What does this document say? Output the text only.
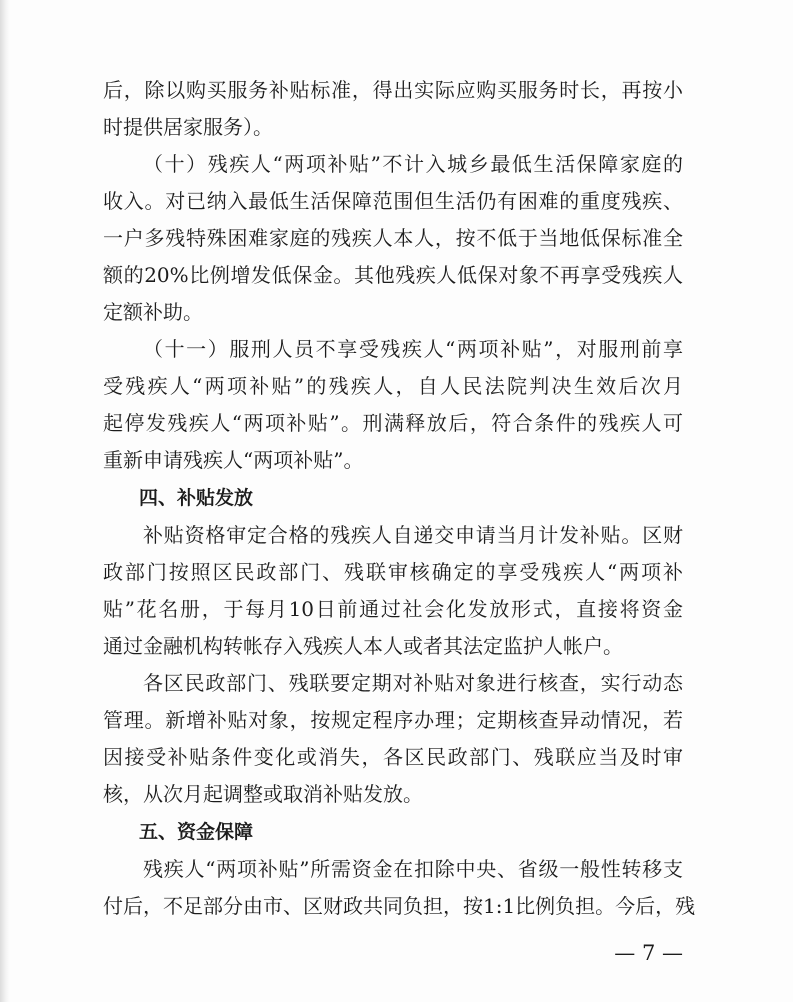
后，除以购买服务补贴标准，得出实际应购买服务时长，再按小
时提供居家服务）。
（十）残疾人“两项补贴”不计入城乡最低生活保障家庭的
收入。对已纳入最低生活保障范围但生活仍有困难的重度残疾、
一户多残特殊困难家庭的残疾人本人，按不低于当地低保标准全
额的20%比例增发低保金。其他残疾人低保对象不再享受残疾人
定额补助。
（十一）服刑人员不享受残疾人“两项补贴”，对服刑前享
受残疾人“两项补贴”的残疾人，自人民法院判决生效后次月
起停发残疾人“两项补贴”。刑满释放后，符合条件的残疾人可
重新申请残疾人“两项补贴”。
四、补贴发放
补贴资格审定合格的残疾人自递交申请当月计发补贴。区财
政部门按照区民政部门、残联审核确定的享受残疾人“两项补
贴”花名册，于每月10日前通过社会化发放形式，直接将资金
通过金融机构转帐存入残疾人本人或者其法定监护人帐户。
各区民政部门、残联要定期对补贴对象进行核查，实行动态
管理。新增补贴对象，按规定程序办理；定期核查异动情况，若
因接受补贴条件变化或消失，各区民政部门、残联应当及时审
核，从次月起调整或取消补贴发放。
五、资金保障
残疾人“两项补贴”所需资金在扣除中央、省级一般性转移支
付后，不足部分由市、区财政共同负担，按1:1比例负担。今后，残
— 7 —
